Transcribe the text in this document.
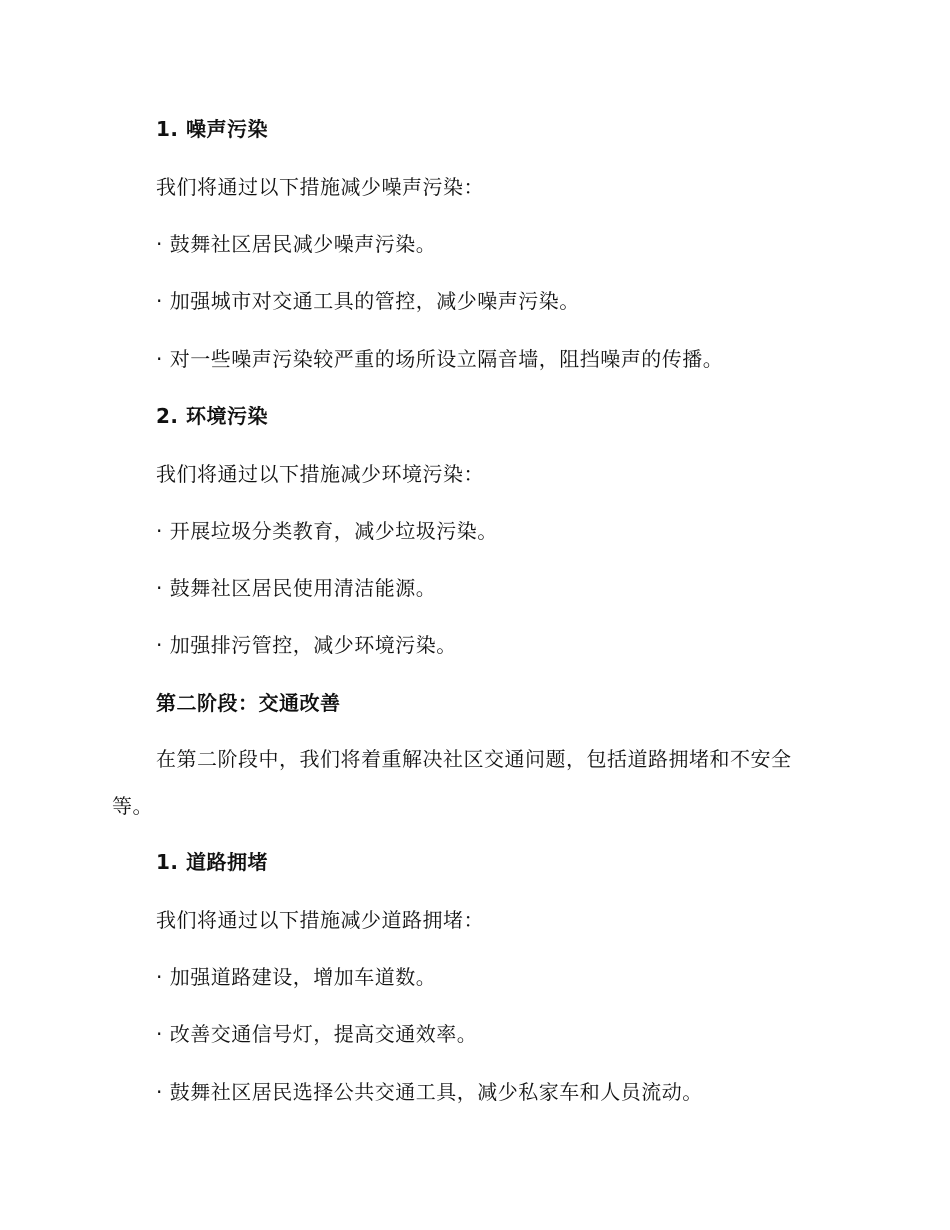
1. 噪声污染
我们将通过以下措施减少噪声污染：
· 鼓舞社区居民减少噪声污染。
· 加强城市对交通工具的管控，减少噪声污染。
· 对一些噪声污染较严重的场所设立隔音墙，阻挡噪声的传播。
2. 环境污染
我们将通过以下措施减少环境污染：
· 开展垃圾分类教育，减少垃圾污染。
· 鼓舞社区居民使用清洁能源。
· 加强排污管控，减少环境污染。
第二阶段：交通改善
在第二阶段中，我们将着重解决社区交通问题，包括道路拥堵和不安全等。
1. 道路拥堵
我们将通过以下措施减少道路拥堵：
· 加强道路建设，增加车道数。
· 改善交通信号灯，提高交通效率。
· 鼓舞社区居民选择公共交通工具，减少私家车和人员流动。
